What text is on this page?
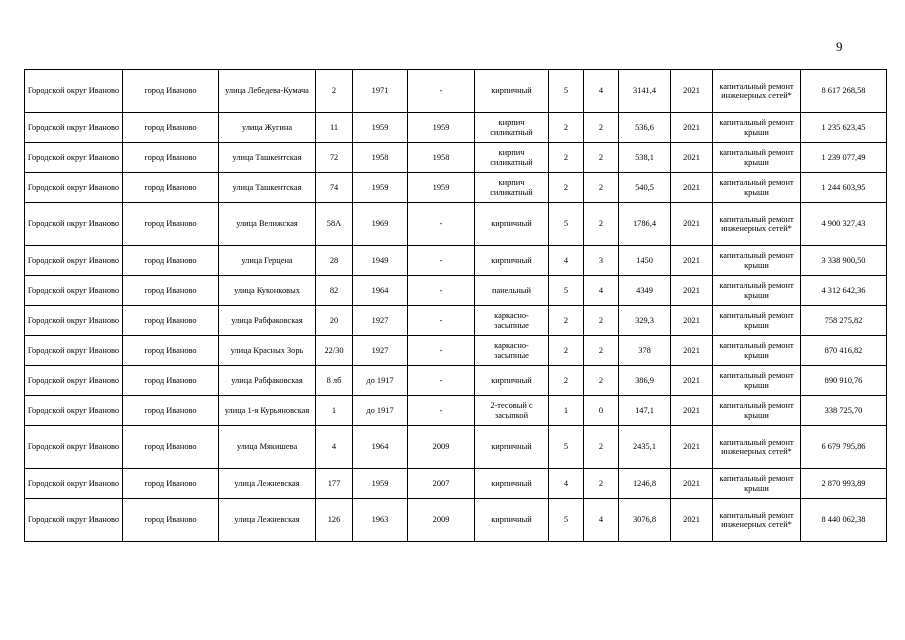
9
Городской округ Иваново	город Иваново	улица Лебедева-Кумача	2	1971	-	кирпичный	5	4	3141,4	2021	капитальный ремонт инженерных сетей*	8 617 268,58
Городской округ Иваново	город Иваново	улица Жугина	11	1959	1959	кирпич силикатный	2	2	536,6	2021	капитальный ремонт крыши	1 235 623,45
Городской округ Иваново	город Иваново	улица Ташкентская	72	1958	1958	кирпич силикатный	2	2	538,1	2021	капитальный ремонт крыши	1 239 077,49
Городской округ Иваново	город Иваново	улица Ташкентская	74	1959	1959	кирпич силикатный	2	2	540,5	2021	капитальный ремонт крыши	1 244 603,95
Городской округ Иваново	город Иваново	улица Велижская	58А	1969	-	кирпичный	5	2	1786,4	2021	капитальный ремонт инженерных сетей*	4 900 327,43
Городской округ Иваново	город Иваново	улица Герцена	28	1949	-	кирпичный	4	3	1450	2021	капитальный ремонт крыши	3 338 900,50
Городской округ Иваново	город Иваново	улица Куконковых	82	1964	-	панельный	5	4	4349	2021	капитальный ремонт крыши	4 312 642,36
Городской округ Иваново	город Иваново	улица Рабфаковская	20	1927	-	каркасно-засыпные	2	2	329,3	2021	капитальный ремонт крыши	758 275,82
Городской округ Иваново	город Иваново	улица Красных Зорь	22/30	1927	-	каркасно-засыпные	2	2	378	2021	капитальный ремонт крыши	870 416,82
Городской округ Иваново	город Иваново	улица Рабфаковская	8 лб	до 1917	-	кирпичный	2	2	386,9	2021	капитальный ремонт крыши	890 910,76
Городской округ Иваново	город Иваново	улица 1-я Курьяновская	1	до 1917	-	2-тесовый с засыпкой	1	0	147,1	2021	капитальный ремонт крыши	338 725,70
Городской округ Иваново	город Иваново	улица Мякишева	4	1964	2009	кирпичный	5	2	2435,1	2021	капитальный ремонт инженерных сетей*	6 679 795,86
Городской округ Иваново	город Иваново	улица Лежневская	177	1959	2007	кирпичный	4	2	1246,8	2021	капитальный ремонт крыши	2 870 993,89
Городской округ Иваново	город Иваново	улица Лежневская	126	1963	2009	кирпичный	5	4	3076,8	2021	капитальный ремонт инженерных сетей*	8 440 062,38
